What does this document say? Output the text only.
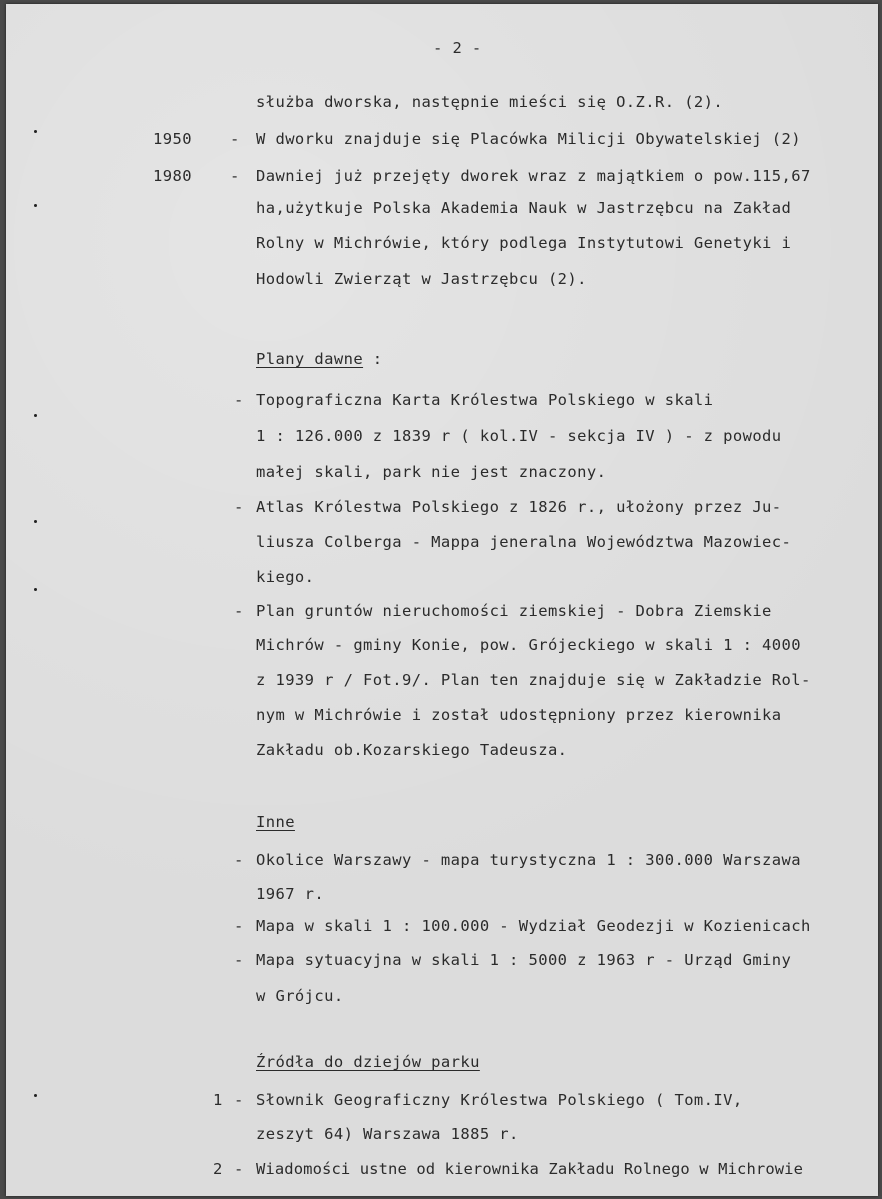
- 2 -
służba dworska, następnie mieści się O.Z.R. (2).
1950 - W dworku znajduje się Placówka Milicji Obywatelskiej (2)
1980 - Dawniej już przejęty dworek wraz z majątkiem o pow.115,67
ha,użytkuje Polska Akademia Nauk w Jastrzębcu na Zakład
Rolny w Michrówie, który podlega Instytutowi Genetyki i
Hodowli Zwierząt w Jastrzębcu (2).
Plany dawne :
- Topograficzna Karta Królestwa Polskiego w skali
1 : 126.000 z 1839 r ( kol.IV - sekcja IV ) - z powodu
małej skali, park nie jest znaczony.
- Atlas Królestwa Polskiego z 1826 r., ułożony przez Ju-
liusza Colberga - Mappa jeneralna Województwa Mazowiec-
kiego.
- Plan gruntów nieruchomości ziemskiej - Dobra Ziemskie
Michrów - gminy Konie, pow. Grójeckiego w skali 1 : 4000
z 1939 r / Fot.9/. Plan ten znajduje się w Zakładzie Rol-
nym w Michrówie i został udostępniony przez kierownika
Zakładu ob.Kozarskiego Tadeusza.
Inne
- Okolice Warszawy - mapa turystyczna 1 : 300.000 Warszawa
1967 r.
- Mapa w skali 1 : 100.000 - Wydział Geodezji w Kozienicach
- Mapa sytuacyjna w skali 1 : 5000 z 1963 r - Urząd Gminy
w Grójcu.
Źródła do dziejów parku
1 - Słownik Geograficzny Królestwa Polskiego ( Tom.IV,
zeszyt 64) Warszawa 1885 r.
2 - Wiadomości ustne od kierownika Zakładu Rolnego w Michrowie
